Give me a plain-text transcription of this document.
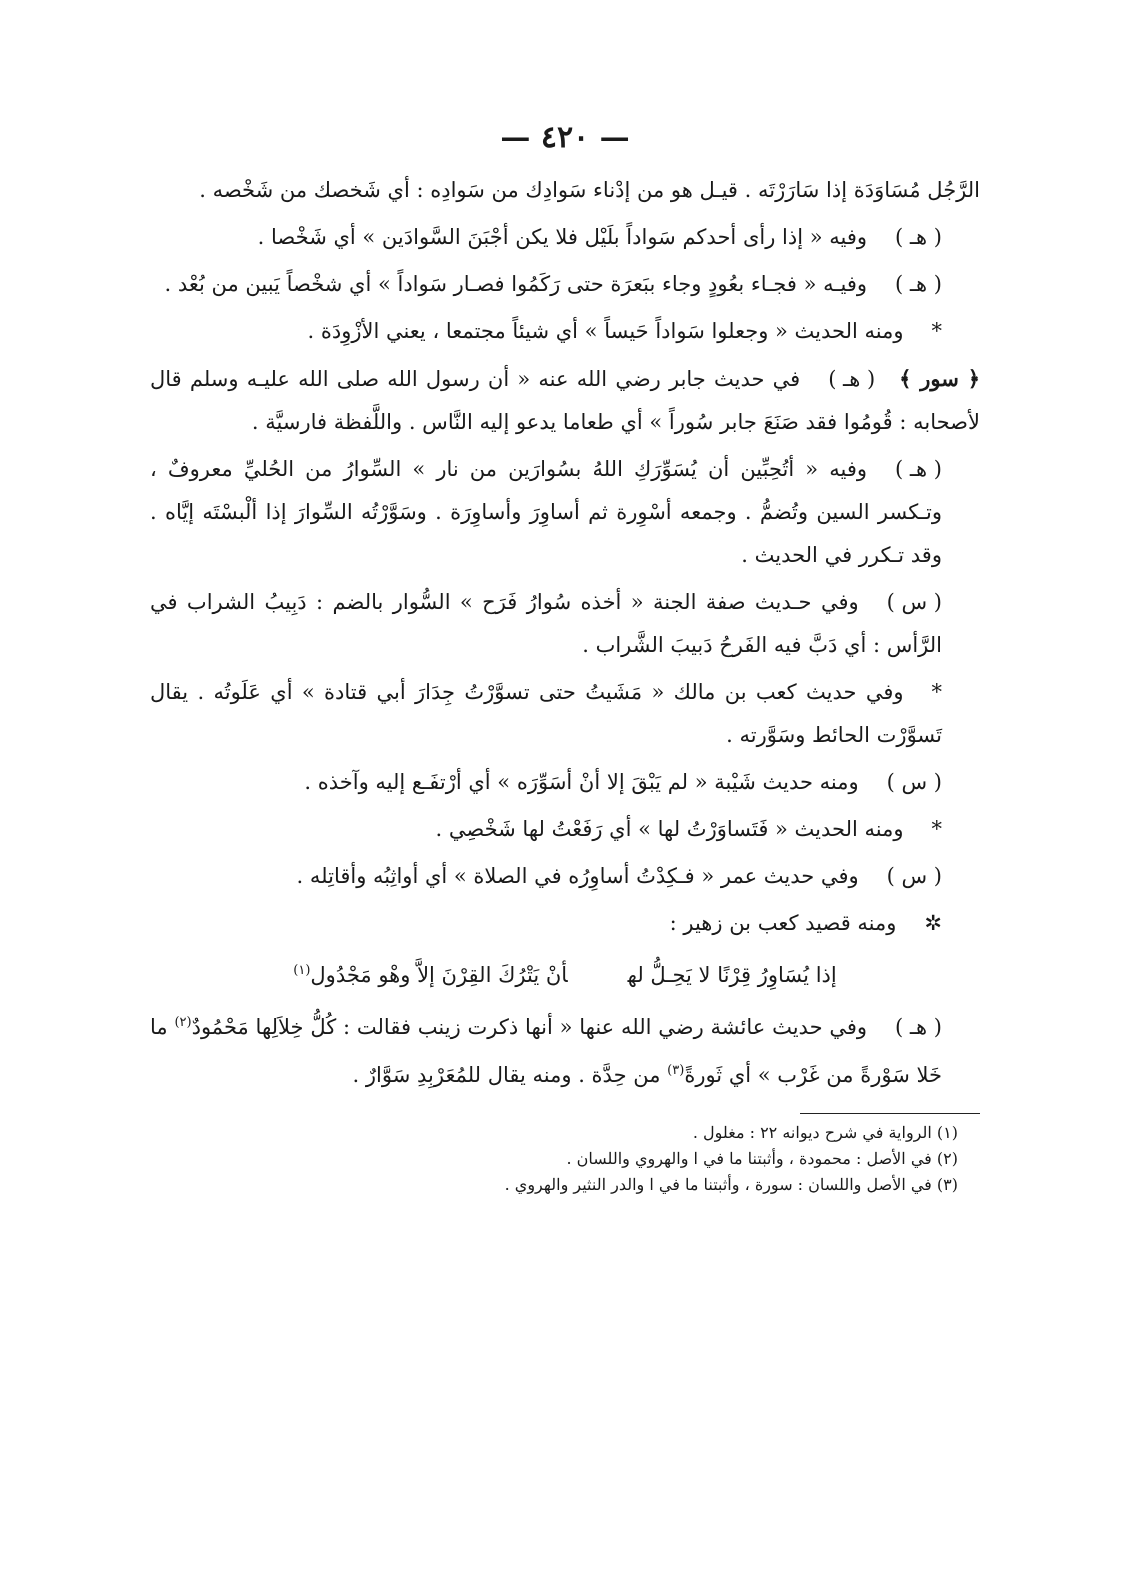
— ٤٢٠ —
الرَّجُل مُسَاوَدَة إذا سَارَرْتَه . قيـل هو من إدْناء سَوادِك من سَوادِه : أي شَخصك من شَخْصه .
( هـ )وفيه « إذا رأى أحدكم سَواداً بلَيْل فلا يكن أجْبَنَ السَّوادَين » أي شَخْصا .
( هـ )وفيـه « فجـاء بعُودٍ وجاء ببَعرَة حتى رَكَمُوا فصـار سَواداً » أي شخْصاً يَبين من بُعْد .
*ومنه الحديث « وجعلوا سَواداً حَيساً » أي شيئاً مجتمعا ، يعني الأزْوِدَة .
﴿ سور ﴾( هـ )في حديث جابر رضي الله عنه « أن رسول الله صلى الله عليـه وسلم قال لأصحابه : قُومُوا فقد صَنَعَ جابر سُوراً » أي طعاما يدعو إليه النَّاس . واللَّفظة فارسيَّة .
( هـ )وفيه « أتُحِبِّين أن يُسَوِّرَكِ اللهُ بسُوارَين من نار » السِّوارُ من الحُليِّ معروفٌ ، وتـكسر السين وتُضمُّ . وجمعه أسْوِرة ثم أساوِرَ وأساوِرَة . وسَوَّرْتُه السِّوارَ إذا ألْبسْتَه إيَّاه . وقد تـكرر في الحديث .
( س )وفي حـديث صفة الجنة « أخذه سُوارُ فَرَح » السُّوار بالضم : دَبِيبُ الشراب في الرَّأس : أي دَبَّ فيه الفَرحُ دَبيبَ الشَّراب .
*وفي حديث كعب بن مالك « مَشَيتُ حتى تسوَّرْتُ جِدَارَ أبي قتادة » أي عَلَوتُه . يقال تَسوَّرْت الحائط وسَوَّرته .
( س )ومنه حديث شَيْبة « لم يَبْقَ إلا أنْ أسَوِّرَه » أي أرْتفَـع إليه وآخذه .
*ومنه الحديث « فَتَساوَرْتُ لها » أي رَفَعْتُ لها شَخْصِي .
( س )وفي حديث عمر « فـكِدْتُ أساوِرُه في الصلاة » أي أواثِبُه وأقاتِله .
✲ومنه قصيد كعب بن زهير :
إذا يُسَاوِرُ قِرْنًا لا يَحِـلُّ لهأنْ يَتْرُكَ القِرْنَ إلاَّ وهْو مَجْدُول$^{(١)}$
( هـ )وفي حديث عائشة رضي الله عنها « أنها ذكرت زينب فقالت : كُلُّ خِلاَلِها مَحْمُودٌ$^{(٢)}$ ما خَلا سَوْرةً من غَرْب » أي ثَورةً$^{(٣)}$ من حِدَّة . ومنه يقال للمُعَرْبِدِ سَوَّارٌ .
(١) الرواية في شرح ديوانه ٢٢ : مغلول .
(٢) في الأصل : محمودة ، وأثبتنا ما في ا والهروي واللسان .
(٣) في الأصل واللسان : سورة ، وأثبتنا ما في ا والدر النثير والهروي .
